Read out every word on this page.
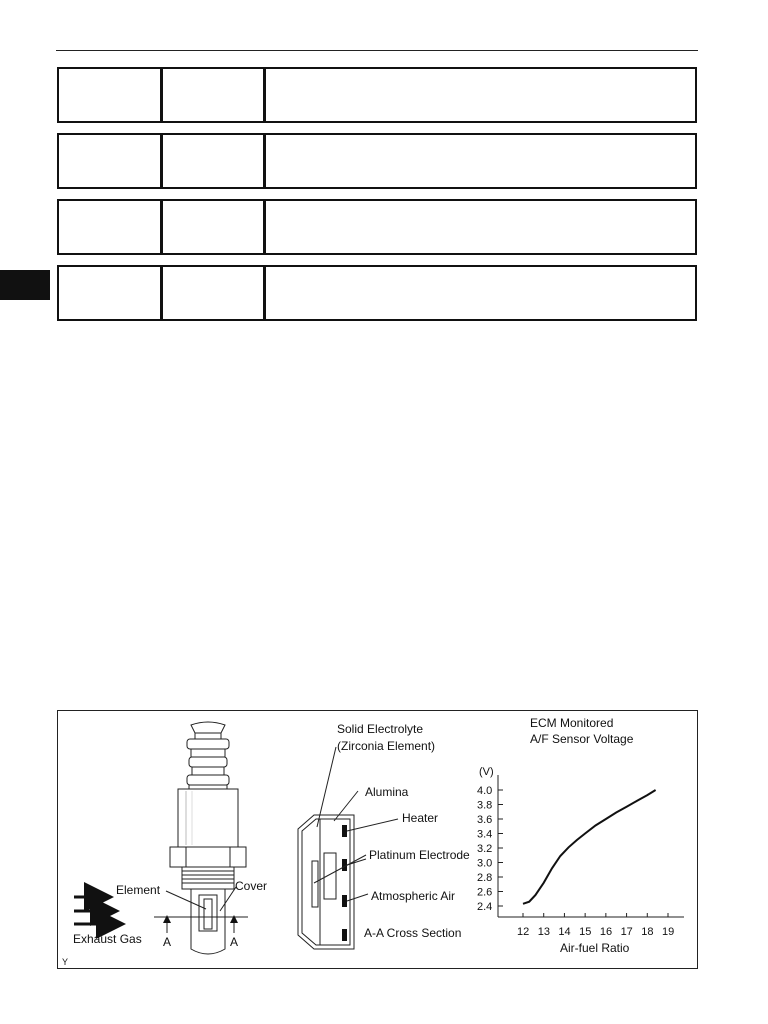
A	A
Exhaust Gas
Element	Cover
Solid Electrolyte
(Zirconia Element)
Alumina
Heater
Platinum Electrode
Atmospheric Air
A-A Cross Section
ECM Monitored
A/F Sensor Voltage
(V)
Air-fuel Ratio
2.4
2.6
2.8
3.0
3.2
3.4
3.6
3.8
4.0
12 13 14 15 16 17 18 19
Y
